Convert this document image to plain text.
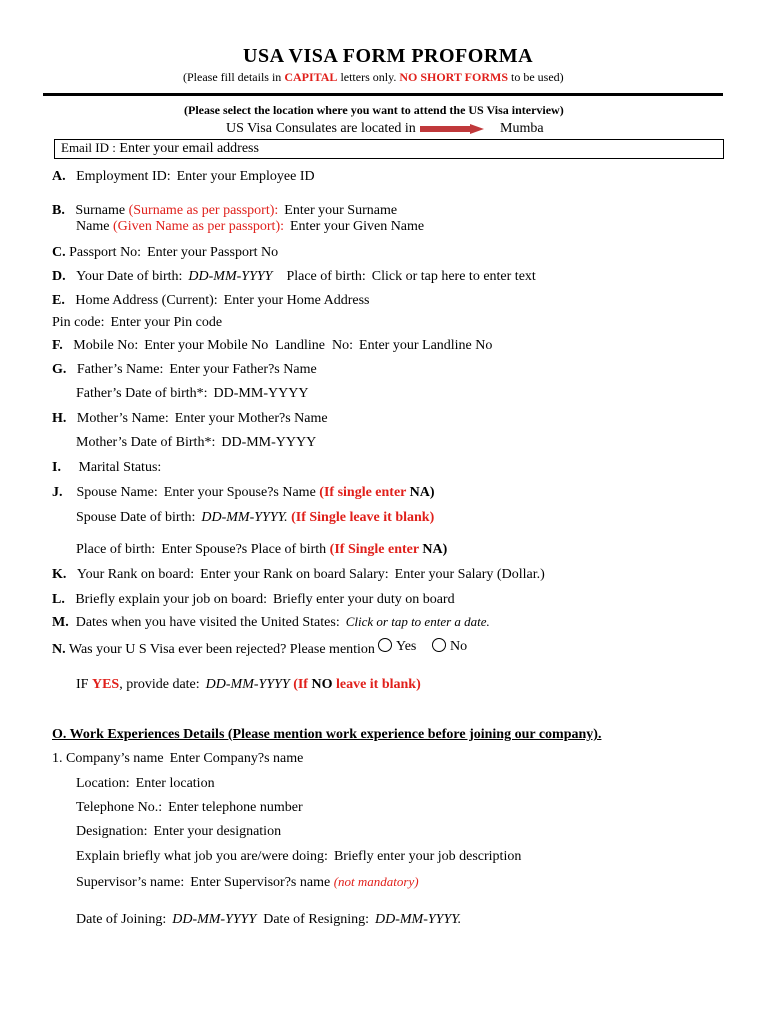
USA VISA FORM PROFORMA
(Please fill details in CAPITAL letters only. NO SHORT FORMS to be used)
(Please select the location where you want to attend the US Visa interview)
US Visa Consulates are located in	Mumba
Email ID : Enter your email address
A. Employment ID: Enter your Employee ID
B. Surname (Surname as per passport): Enter your Surname
Name (Given Name as per passport): Enter your Given Name
C. Passport No: Enter your Passport No
D. Your Date of birth: DD-MM-YYYY Place of birth: Click or tap here to enter text
E. Home Address (Current): Enter your Home Address
Pin code: Enter your Pin code
F. Mobile No: Enter your Mobile No Landline No: Enter your Landline No
G. Father’s Name: Enter your Father?s Name
Father’s Date of birth*: DD-MM-YYYY
H. Mother’s Name: Enter your Mother?s Name
Mother’s Date of Birth*: DD-MM-YYYY
I. Marital Status:
J. Spouse Name: Enter your Spouse?s Name (If single enter NA)
Spouse Date of birth: DD-MM-YYYY. (If Single leave it blank)
Place of birth: Enter Spouse?s Place of birth (If Single enter NA)
K. Your Rank on board: Enter your Rank on board Salary: Enter your Salary (Dollar.)
L. Briefly explain your job on board: Briefly enter your duty on board
M. Dates when you have visited the United States: Click or tap to enter a date.
N. Was your U S Visa ever been rejected? Please mention	Yes	No
IF YES, provide date: DD-MM-YYYY (If NO leave it blank)
O. Work Experiences Details (Please mention work experience before joining our company).
1. Company’s name Enter Company?s name
Location: Enter location
Telephone No.: Enter telephone number
Designation: Enter your designation
Explain briefly what job you are/were doing: Briefly enter your job description
Supervisor’s name: Enter Supervisor?s name (not mandatory)
Date of Joining: DD-MM-YYYY Date of Resigning: DD-MM-YYYY.
